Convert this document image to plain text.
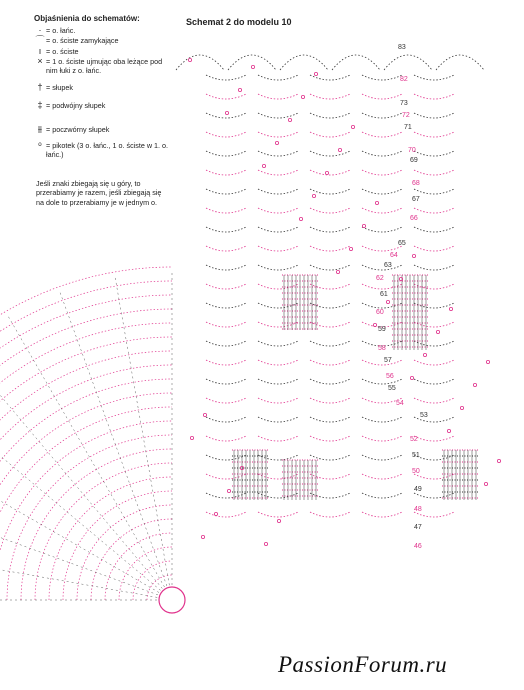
Objaśnienia do schematów:
· = o. łańc.
⌒ = o. ściste zamykające
ı = o. ściste
× = 1 o. ściste ujmując oba leżące pod nim łuki z o. łańc.
† = słupek
‡ = podwójny słupek
⫵ = poczwórny słupek
ᵒ = pikotek (3 o. łańc., 1 o. ściste w 1. o. łańc.)
Jeśli znaki zbiegają się u góry, to przerabiamy je razem, jeśli zbiegają się na dole to przerabiamy je w jednym o.
Schemat 2 do modelu 10
83
82
73
72
71
70
69
68
67
66
65
64
63
62
61
60
59
58
57
56
55
54
53
52
51
50
49
48
47
46
PassionForum.ru
